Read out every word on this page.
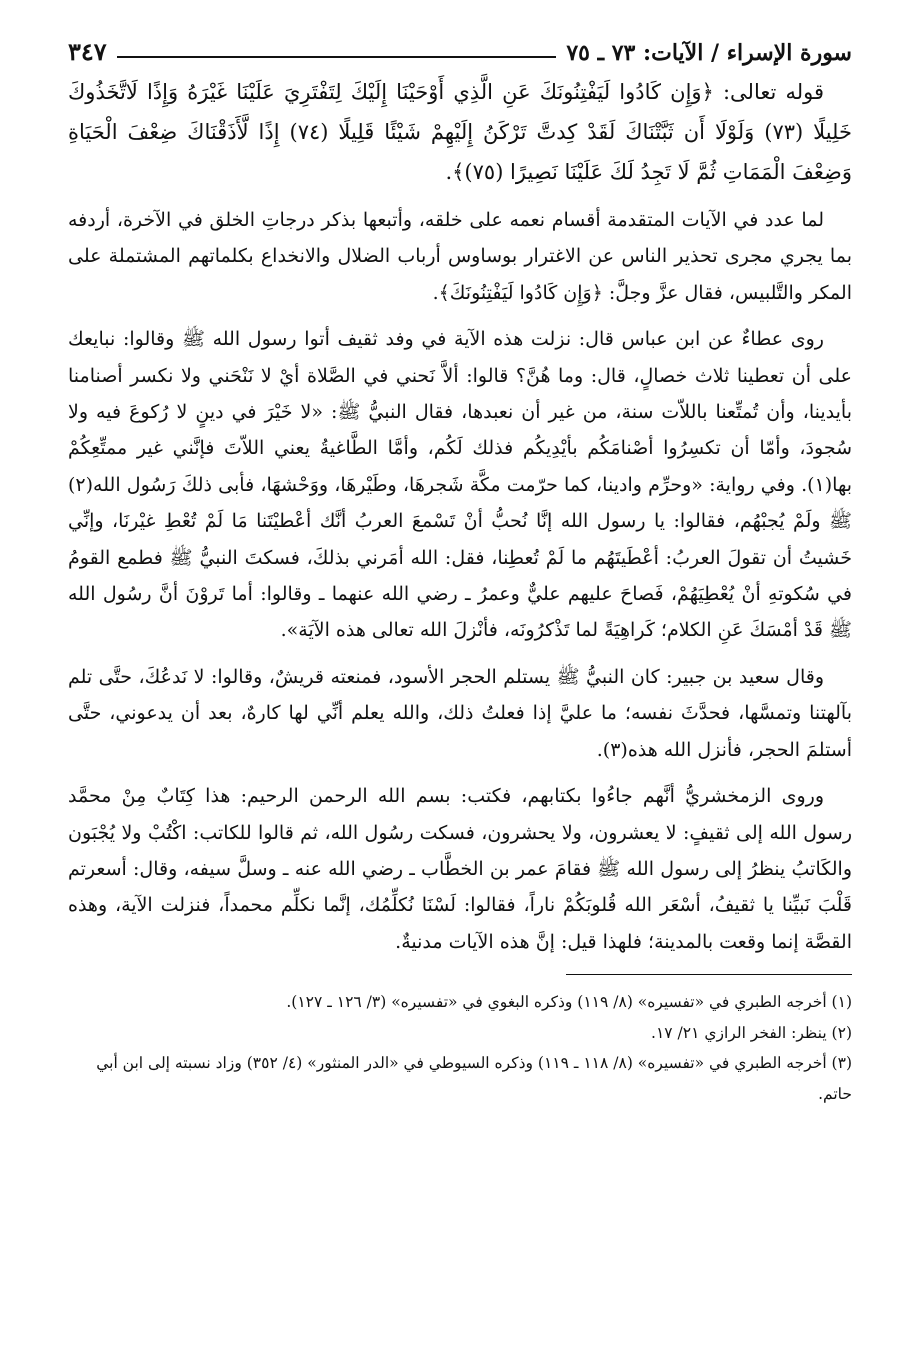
سورة الإسراء / الآيات: ٧٣ ـ ٧٥
٣٤٧

قوله تعالى: ﴿وَإِن كَادُوا لَيَفْتِنُونَكَ عَنِ الَّذِي أَوْحَيْنَا إِلَيْكَ لِتَفْتَرِيَ عَلَيْنَا غَيْرَهُ وَإِذًا لَاتَّخَذُوكَ خَلِيلًا (٧٣) وَلَوْلَا أَن ثَبَّتْنَاكَ لَقَدْ كِدتَّ تَرْكَنُ إِلَيْهِمْ شَيْئًا قَلِيلًا (٧٤) إِذًا لَّأَذَقْنَاكَ ضِعْفَ الْحَيَاةِ وَضِعْفَ الْمَمَاتِ ثُمَّ لَا تَجِدُ لَكَ عَلَيْنَا نَصِيرًا (٧٥)﴾.

لما عدد في الآيات المتقدمة أقسام نعمه على خلقه، وأتبعها بذكر درجاتِ الخلق في الآخرة، أردفه بما يجري مجرى تحذير الناس عن الاغترار بوساوس أرباب الضلال والانخداع بكلماتهم المشتملة على المكر والتَّلبيس، فقال عزَّ وجلَّ: ﴿وَإِن كَادُوا لَيَفْتِنُونَكَ﴾.

روى عطاءٌ عن ابن عباس قال: نزلت هذه الآية في وفد ثقيف أتوا رسول الله ﷺ وقالوا: نبايعك على أن تعطينا ثلاث خصالٍ، قال: وما هُنَّ؟ قالوا: ألاَّ نَحني في الصَّلاة أيْ لا نَنْحَني ولا نكسر أصنامنا بأيدينا، وأن تُمتِّعنا باللاّت سنة، من غير أن نعبدها، فقال النبيُّ ﷺ: «لا خَيْرَ في دينٍ لا رُكوعَ فيه ولا سُجودَ، وأمّا أن تكسِرُوا أصْنامَكُم بأيْدِيكُم فذلك لَكُم، وأمَّا الطَّاغيةُ يعني اللاّتَ فإنَّني غير ممتِّعِكُمْ بها(١). وفي رواية: «وحرِّم وادينا، كما حرّمت مكَّة شَجرهَا، وطَيْرهَا، ووَحْشهَا، فأبى ذلكَ رَسُول الله(٢) ﷺ ولَمْ يُجبْهُم، فقالوا: يا رسول الله إنَّا نُحبُّ أنْ تَسْمعَ العربُ أنَّك أعْطيْتَنا مَا لَمْ تُعْطِ غيْرنَا، وإنِّي خَشيتُ أن تقولَ العربُ: أعْطَيتَهُم ما لَمْ تُعطِنا، فقل: الله أمَرني بذلكَ، فسكتَ النبيُّ ﷺ فطمع القومُ في سُكوتهِ أنْ يُعْطِيَهُمْ، فَصاحَ عليهم عليٌّ وعمرُ ـ رضي الله عنهما ـ وقالوا: أما تَروْنَ أنَّ رسُول الله ﷺ قَدْ أمْسَكَ عَنِ الكلام؛ كَراهِيَةً لما تَذْكرُونَه، فأنْزلَ الله تعالى هذه الآيَة».

وقال سعيد بن جبير: كان النبيُّ ﷺ يستلم الحجر الأسود، فمنعته قريشٌ، وقالوا: لا نَدعُكَ، حتَّى تلم بآلهتنا وتمسَّها، فحدَّثَ نفسه؛ ما عليَّ إذا فعلتُ ذلك، والله يعلم أنِّي لها كارهٌ، بعد أن يدعوني، حتَّى أستلمَ الحجر، فأنزل الله هذه(٣).

وروى الزمخشريُّ أنَّهم جاءُوا بكتابهم، فكتب: بسم الله الرحمن الرحيم: هذا كِتَابٌ مِنْ محمَّد رسول الله إلى ثقيفٍ: لا يعشرون، ولا يحشرون، فسكت رسُول الله، ثم قالوا للكاتب: اكْتُبْ ولا يُجْبَون والكَاتبُ ينظرُ إلى رسول الله ﷺ فقامَ عمر بن الخطَّاب ـ رضي الله عنه ـ وسلَّ سيفه، وقال: أسعرتم قَلْبَ نَبيِّنا يا ثقيفُ، أسْعَر الله قُلوبَكُمْ ناراً، فقالوا: لَسْنَا نُكلِّمُك، إنَّما نكلِّم محمداً، فنزلت الآية، وهذه القصَّة إنما وقعت بالمدينة؛ فلهذا قيل: إنَّ هذه الآيات مدنيةٌ.

(١) أخرجه الطبري في «تفسيره» (٨/ ١١٩) وذكره البغوي في «تفسيره» (٣/ ١٢٦ ـ ١٢٧).

(٢) ينظر: الفخر الرازي ٢١/ ١٧.

(٣) أخرجه الطبري في «تفسيره» (٨/ ١١٨ ـ ١١٩) وذكره السيوطي في «الدر المنثور» (٤/ ٣٥٢) وزاد نسبته إلى ابن أبي حاتم.
